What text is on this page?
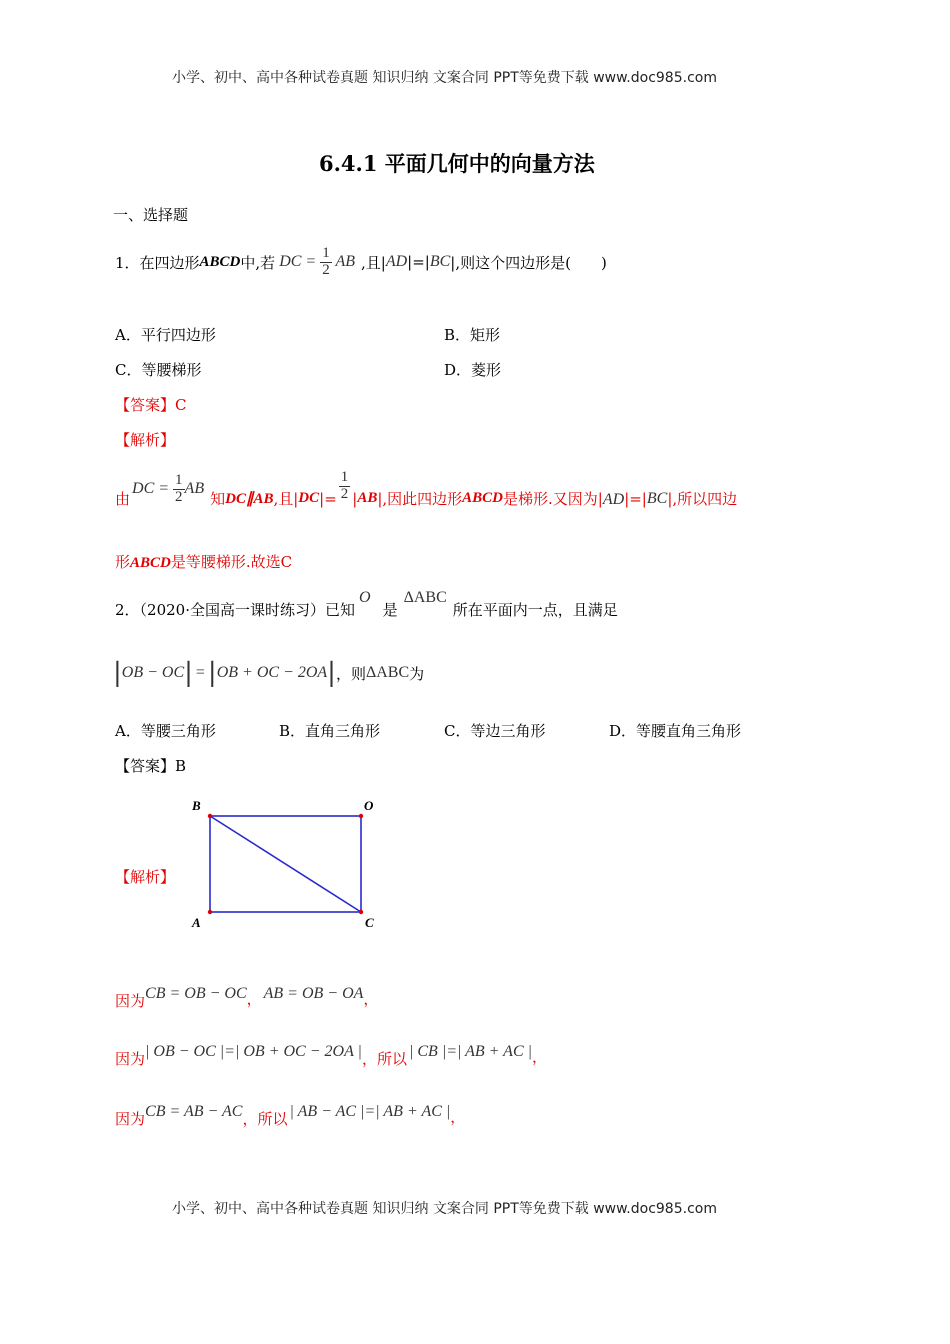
小学、初中、高中各种试卷真题 知识归纳 文案合同 PPT等免费下载 www.doc985.com
6.4.1 平面几何中的向量方法
一、选择题
1．在四边形 ABCD 中,若 DC = $\frac{1}{2}$ AB ,且| AD |=| BC |,则这个四边形是(　　)
A．平行四边形	B．矩形
C．等腰梯形	D．菱形
【答案】C
【解析】
由
DC = $\frac{1}{2}$ AB
知 DC∥AB ,且| DC |= $\frac{1}{2}$ | AB |,因此四边形 ABCD 是梯形.又因为| AD |=| BC |,所以四边
形ABCD是等腰梯形.故选C
2．（2020·全国高一课时练习）已知
O
是
ΔABC
所在平面内一点，且满足
| OB − OC | = | OB + OC − 2OA | ，则 ΔABC 为
A．等腰三角形	B．直角三角形	C．等边三角形	D．等腰直角三角形
【答案】B
【解析】
B	O
A	C
因为 CB = OB − OC ， AB = OB − OA ，
因为 | OB − OC |=| OB + OC − 2OA | ，所以 | CB |=| AB + AC | ，
因为 CB = AB − AC ，所以 | AB − AC |=| AB + AC | ，
小学、初中、高中各种试卷真题 知识归纳 文案合同 PPT等免费下载 www.doc985.com
